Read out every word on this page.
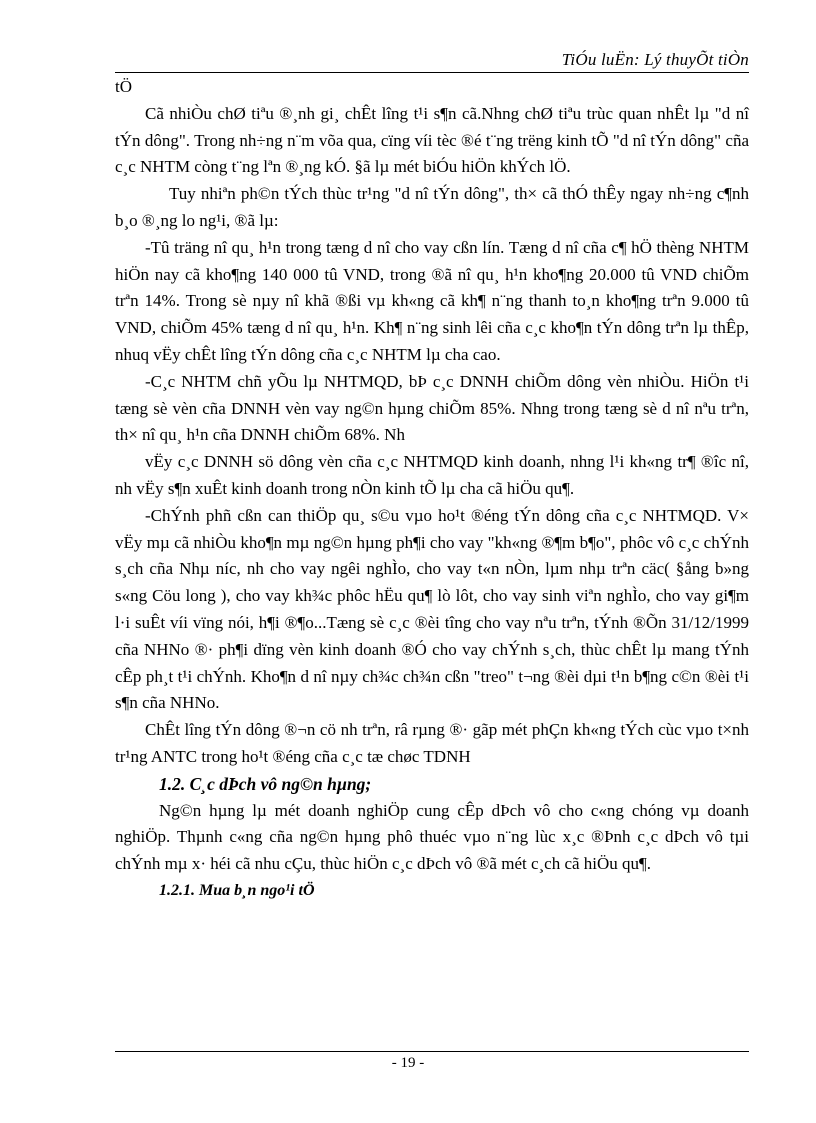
TiÓu luËn: Lý thuyÕt tiÒn

tÖ

Cã nhiÒu chØ tiªu ®¸nh gi¸ chÊt lîng t¹i s¶n cã.Nhng chØ tiªu trùc quan nhÊt lµ "d nî tÝn dông". Trong nh÷ng n¨m võa qua, cïng víi tèc ®é t¨ng trëng kinh tÕ "d nî tÝn dông" cña c¸c NHTM còng t¨ng lªn ®¸ng kÓ. §ã lµ mét biÓu hiÖn khÝch lÖ.

Tuy nhiªn ph©n tÝch thùc tr¹ng "d nî tÝn dông", th× cã thÓ thÊy ngay nh÷ng c¶nh b¸o ®¸ng lo ng¹i, ®ã lµ:

-Tû träng nî qu¸ h¹n trong tæng d nî cho vay cßn lín. Tæng d nî cña c¶ hÖ thèng NHTM hiÖn nay cã kho¶ng 140 000 tû VND, trong ®ã nî qu¸ h¹n kho¶ng 20.000 tû VND chiÕm trªn 14%. Trong sè nµy nî khã ®ßi vµ kh«ng cã kh¶ n¨ng thanh to¸n kho¶ng trªn 9.000 tû VND, chiÕm 45% tæng d nî qu¸ h¹n. Kh¶ n¨ng sinh lêi cña c¸c kho¶n tÝn dông trªn lµ thÊp, nhuq vËy chÊt lîng tÝn dông cña c¸c NHTM lµ cha cao.

-C¸c NHTM chñ yÕu lµ NHTMQD, bÞ c¸c DNNH chiÕm dông vèn nhiÒu. HiÖn t¹i tæng sè vèn cña DNNH vèn vay ng©n hµng chiÕm 85%. Nhng trong tæng sè d nî nªu trªn, th× nî qu¸ h¹n cña DNNH chiÕm 68%. Nh

vËy c¸c DNNH sö dông vèn cña c¸c NHTMQD kinh doanh, nhng l¹i kh«ng tr¶ ®îc nî, nh vËy s¶n xuÊt kinh doanh trong nÒn kinh tÕ lµ cha cã hiÖu qu¶.

-ChÝnh phñ cßn can thiÖp qu¸ s©u vµo ho¹t ®éng tÝn dông cña c¸c NHTMQD. V× vËy mµ cã nhiÒu kho¶n mµ ng©n hµng ph¶i cho vay "kh«ng ®¶m b¶o", phôc vô c¸c chÝnh s¸ch cña Nhµ níc, nh cho vay ngêi nghÌo, cho vay t«n nÒn, lµm nhµ trªn cäc( §ång b»ng s«ng Cöu long ), cho vay kh¾c phôc hËu qu¶ lò lôt, cho vay sinh viªn nghÌo, cho vay gi¶m l·i suÊt víi vïng nói, h¶i ®¶o...Tæng sè c¸c ®èi tîng cho vay nªu trªn, tÝnh ®Õn 31/12/1999 cña NHNo ®· ph¶i dïng vèn kinh doanh ®Ó cho vay chÝnh s¸ch, thùc chÊt lµ mang tÝnh cÊp ph¸t t¹i chÝnh. Kho¶n d nî nµy ch¾c ch¾n cßn "treo" t¬ng ®èi dµi t¹n b¶ng c©n ®èi t¹i s¶n cña NHNo.

ChÊt lîng tÝn dông ®¬n cö nh trªn, râ rµng ®· gãp mét phÇn kh«ng tÝch cùc vµo t×nh tr¹ng ANTC trong ho¹t ®éng cña c¸c tæ chøc TDNH

1.2. C¸c dÞch vô ng©n hµng;

Ng©n hµng lµ mét doanh nghiÖp cung cÊp dÞch vô cho c«ng chóng vµ doanh nghiÖp. Thµnh c«ng cña ng©n hµng phô thuéc vµo n¨ng lùc x¸c ®Þnh c¸c dÞch vô tµi chÝnh mµ x· héi cã nhu cÇu, thùc hiÖn c¸c dÞch vô ®ã mét c¸ch cã hiÖu qu¶.

1.2.1. Mua b¸n ngo¹i tÖ

- 19 -
